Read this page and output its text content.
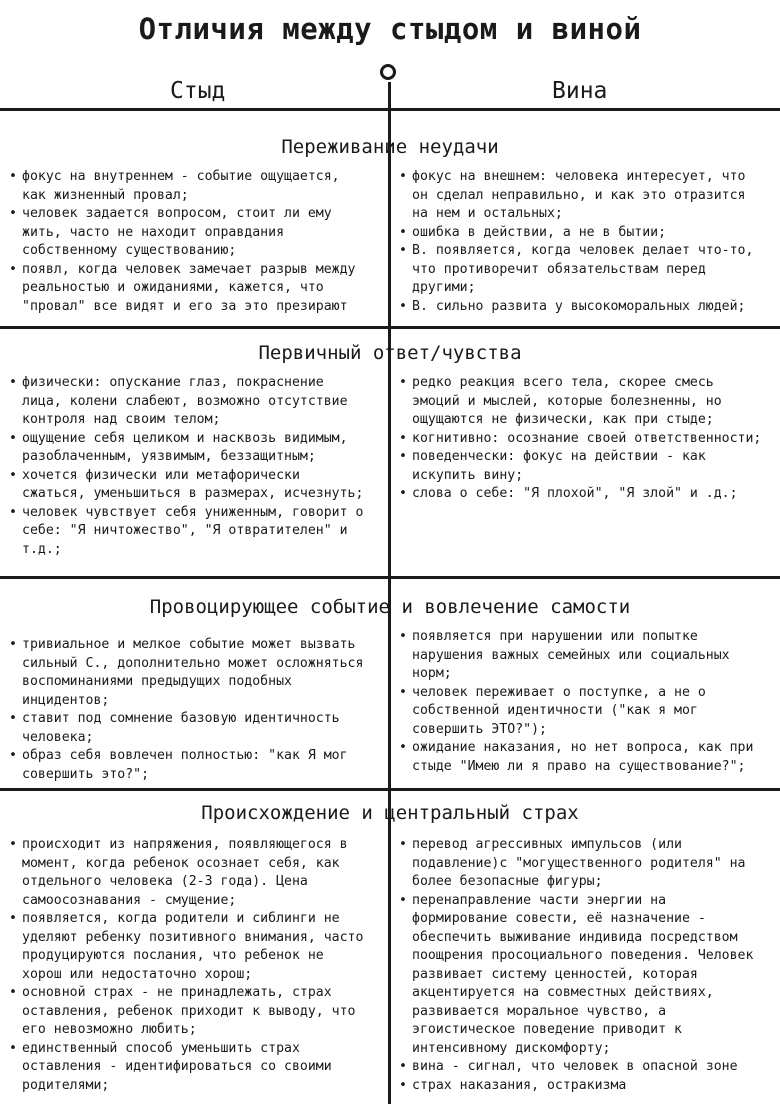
Отличия между стыдом и виной
Стыд	Вина
Переживание неудачи
• фокус на внутреннем - событие ощущается,
как жизненный провал;
• человек задается вопросом, стоит ли ему
жить, часто не находит оправдания
собственному существованию;
• появл, когда человек замечает разрыв между
реальностью и ожиданиями, кажется, что
"провал" все видят и его за это презирают
• фокус на внешнем: человека интересует, что
он сделал неправильно, и как это отразится
на нем и остальных;
• ошибка в действии, а не в бытии;
• В. появляется, когда человек делает что-то,
что противоречит обязательствам перед
другими;
• В. сильно развита у высокоморальных людей;
Первичный ответ/чувства
• физически: опускание глаз, покраснение
лица, колени слабеют, возможно отсутствие
контроля над своим телом;
• ощущение себя целиком и насквозь видимым,
разоблаченным, уязвимым, беззащитным;
• хочется физически или метафорически
сжаться, уменьшиться в размерах, исчезнуть;
• человек чувствует себя униженным, говорит о
себе: "Я ничтожество", "Я отвратителен" и
т.д.;
• редко реакция всего тела, скорее смесь
эмоций и мыслей, которые болезненны, но
ощущаются не физически, как при стыде;
• когнитивно: осознание своей ответственности;
• поведенчески: фокус на действии - как
искупить вину;
• слова о себе: "Я плохой", "Я злой" и .д.;
Провоцирующее событие и вовлечение самости
• тривиальное и мелкое событие может вызвать
сильный С., дополнительно может осложняться
воспоминаниями предыдущих подобных
инцидентов;
• ставит под сомнение базовую идентичность
человека;
• образ себя вовлечен полностью: "как Я мог
совершить это?";
• появляется при нарушении или попытке
нарушения важных семейных или социальных
норм;
• человек переживает о поступке, а не о
собственной идентичности ("как я мог
совершить ЭТО?");
• ожидание наказания, но нет вопроса, как при
стыде "Имею ли я право на существование?";
Происхождение и центральный страх
• происходит из напряжения, появляющегося в
момент, когда ребенок осознает себя, как
отдельного человека (2-3 года). Цена
самоосознавания - смущение;
• появляется, когда родители и сиблинги не
уделяют ребенку позитивного внимания, часто
продуцируются послания, что ребенок не
хорош или недостаточно хорош;
• основной страх - не принадлежать, страх
оставления, ребенок приходит к выводу, что
его невозможно любить;
• единственный способ уменьшить страх
оставления - идентифироваться со своими
родителями;
• перевод агрессивных импульсов (или
подавление)с "могущественного родителя" на
более безопасные фигуры;
• перенаправление части энергии на
формирование совести, её назначение -
обеспечить выживание индивида посредством
поощрения просоциального поведения. Человек
развивает систему ценностей, которая
акцентируется на совместных действиях,
развивается моральное чувство, а
эгоистическое поведение приводит к
интенсивному дискомфорту;
• вина - сигнал, что человек в опасной зоне
• страх наказания, остракизма
